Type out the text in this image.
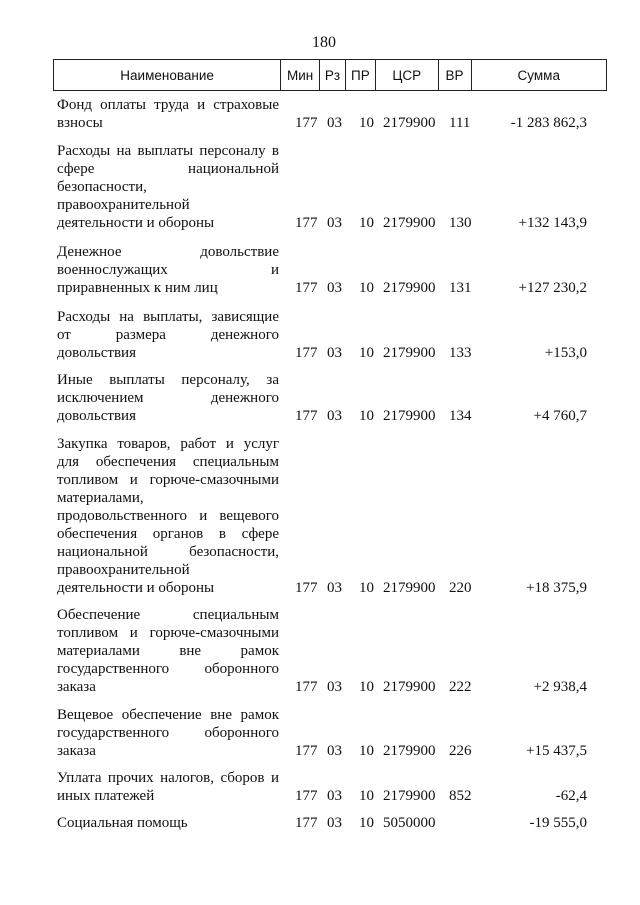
180
Наименование	Мин Рз ПР	ЦСР	ВР	Сумма
Фонд оплаты труда и страховые
взносы	177 03 10 2179900 111	-1 283 862,3
Расходы на выплаты персоналу в
сфере национальной
безопасности,
правоохранительной
деятельности и обороны	177 03 10 2179900 130	+132 143,9
Денежное довольствие
военнослужащих и
приравненных к ним лиц	177 03 10 2179900 131	+127 230,2
Расходы на выплаты, зависящие
от размера денежного
довольствия	177 03 10 2179900 133	+153,0
Иные выплаты персоналу, за
исключением денежного
довольствия	177 03 10 2179900 134	+4 760,7
Закупка товаров, работ и услуг
для обеспечения специальным
топливом и горюче-смазочными
материалами,
продовольственного и вещевого
обеспечения органов в сфере
национальной безопасности,
правоохранительной
деятельности и обороны	177 03 10 2179900 220	+18 375,9
Обеспечение специальным
топливом и горюче-смазочными
материалами вне рамок
государственного оборонного
заказа	177 03 10 2179900 222	+2 938,4
Вещевое обеспечение вне рамок
государственного оборонного
заказа	177 03 10 2179900 226	+15 437,5
Уплата прочих налогов, сборов и
иных платежей	177 03 10 2179900 852	-62,4
Социальная помощь	177 03 10 5050000	-19 555,0
